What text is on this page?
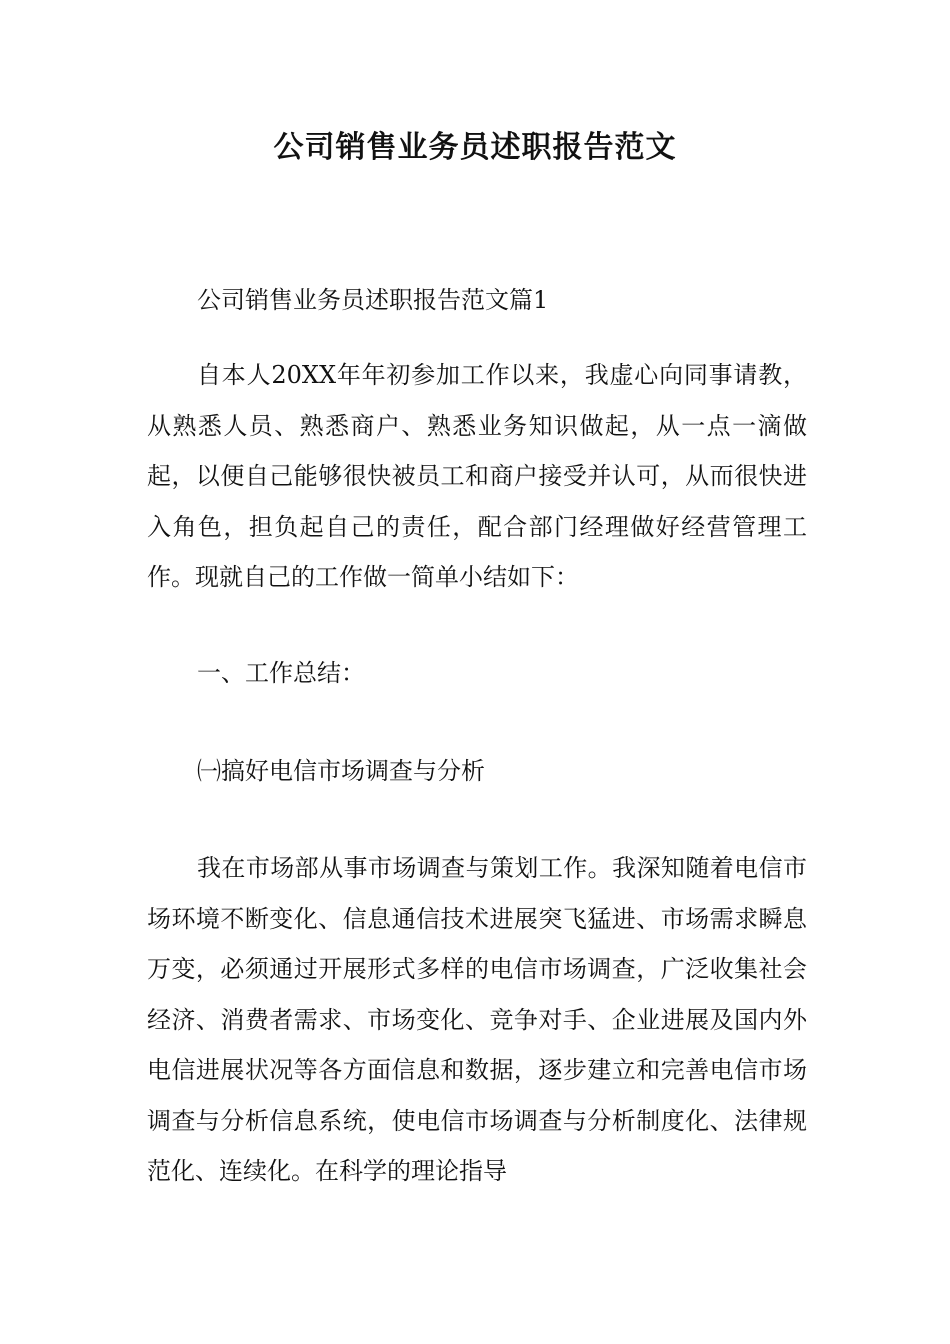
公司销售业务员述职报告范文

公司销售业务员述职报告范文篇1

自本人20XX年年初参加工作以来，我虚心向同事请教，从熟悉人员、熟悉商户、熟悉业务知识做起，从一点一滴做起，以便自己能够很快被员工和商户接受并认可，从而很快进入角色，担负起自己的责任，配合部门经理做好经营管理工作。现就自己的工作做一简单小结如下：

一、工作总结：

㈠搞好电信市场调查与分析

我在市场部从事市场调查与策划工作。我深知随着电信市场环境不断变化、信息通信技术进展突飞猛进、市场需求瞬息万变，必须通过开展形式多样的电信市场调查，广泛收集社会经济、消费者需求、市场变化、竞争对手、企业进展及国内外电信进展状况等各方面信息和数据，逐步建立和完善电信市场调查与分析信息系统，使电信市场调查与分析制度化、法律规范化、连续化。在科学的理论指导
